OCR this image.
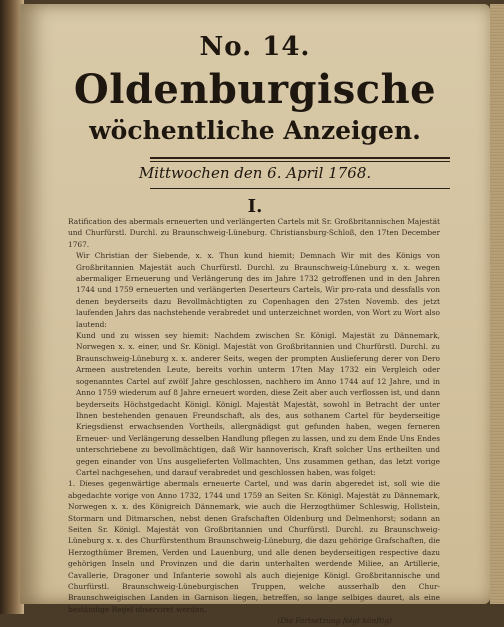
No. 14.
Oldenburgische
wöchentliche Anzeigen.
Mittwochen den 6. April 1768.
I.

Ratification des abermals erneuerten und verlängerten Cartels mit Sr. Großbritannischen Majestät und Churfürstl. Durchl. zu Braunschweig-Lüneburg. Christiansburg-Schloß, den 17ten December 1767.

Wir Christian der Siebende, x. x. Thun kund hiemit; Demnach Wir mit des Königs von Großbritannien Majestät auch Churfürstl. Durchl. zu Braunschweig-Lüneburg x. x. wegen abermaliger Erneuerung und Verlängerung des im Jahre 1732 getroffenen und in den Jahren 1744 und 1759 erneuerten und verlängerten Deserteurs Cartels, Wir pro-rata und dessfalls von denen beyderseits dazu Bevollmächtigten zu Copenhagen den 27sten Novemb. des jetzt laufenden Jahrs das nachstehende verabredet und unterzeichnet worden, von Wort zu Wort also lautend:

Kund und zu wissen sey hiemit: Nachdem zwischen Sr. Königl. Majestät zu Dännemark, Norwegen x. x. einer, und Sr. Königl. Majestät von Großbritannien und Churfürstl. Durchl. zu Braunschweig-Lüneburg x. x. anderer Seits, wegen der prompten Auslieferung derer von Dero Armeen austretenden Leute, bereits vorhin unterm 17ten May 1732 ein Vergleich oder sogenanntes Cartel auf zwölf Jahre geschlossen, nachhero im Anno 1744 auf 12 Jahre, und in Anno 1759 wiederum auf 8 Jahre erneuert worden, diese Zeit aber auch verflossen ist, und dann beyderseits Höchstgedacht Königl. Königl. Majestät Majestät, sowohl in Betracht der unter Ihnen bestehenden genauen Freundschaft, als des, aus sothanem Cartel für beyderseitige Kriegsdienst erwachsenden Vortheils, allergnädigst gut gefunden haben, wegen ferneren Erneuer- und Verlängerung desselben Handlung pflegen zu lassen, und zu dem Ende Uns Endes unterschriebene zu bevollmächtigen, daß Wir hannoverisch, Kraft solcher Uns ertheilten und gegen einander von Uns ausgelieferten Vollmachten, Uns zusammen gethan, das letzt vorige Cartel nachgesehen, und darauf verabredet und geschlossen haben, was folget:

1. Dieses gegenwärtige abermals erneuerte Cartel, und was darin abgeredet ist, soll wie die abgedachte vorige von Anno 1732, 1744 und 1759 an Seiten Sr. Königl. Majestät zu Dännemark, Norwegen x. x. des Königreich Dännemark, wie auch die Herzogthümer Schleswig, Hollstein, Stormarn und Ditmarschen, nebst denen Grafschaften Oldenburg und Delmenhorst; sodann an Seiten Sr. Königl. Majestät von Großbritannien und Churfürstl. Durchl. zu Braunschweig-Lüneburg x. x. des Churfürstenthum Braunschweig-Lüneburg, die dazu gehörige Grafschaften, die Herzogthümer Bremen, Verden und Lauenburg, und alle denen beyderseitigen respective dazu gehörigen Inseln und Provinzen und die darin unterhalten werdende Miliee, an Artillerie, Cavallerie, Dragoner und Infanterie sowohl als auch diejenige Königl. Großbritannische und Churfürstl. Braunschweig-Lüneburgischen Truppen, welche ausserhalb den Chur-Braunschweigischen Landen in Garnison liegen, betreffen, so lange selbiges dauret, als eine beständige Regel observiret werden,

(Die Fortsetzung folgt künftig)
